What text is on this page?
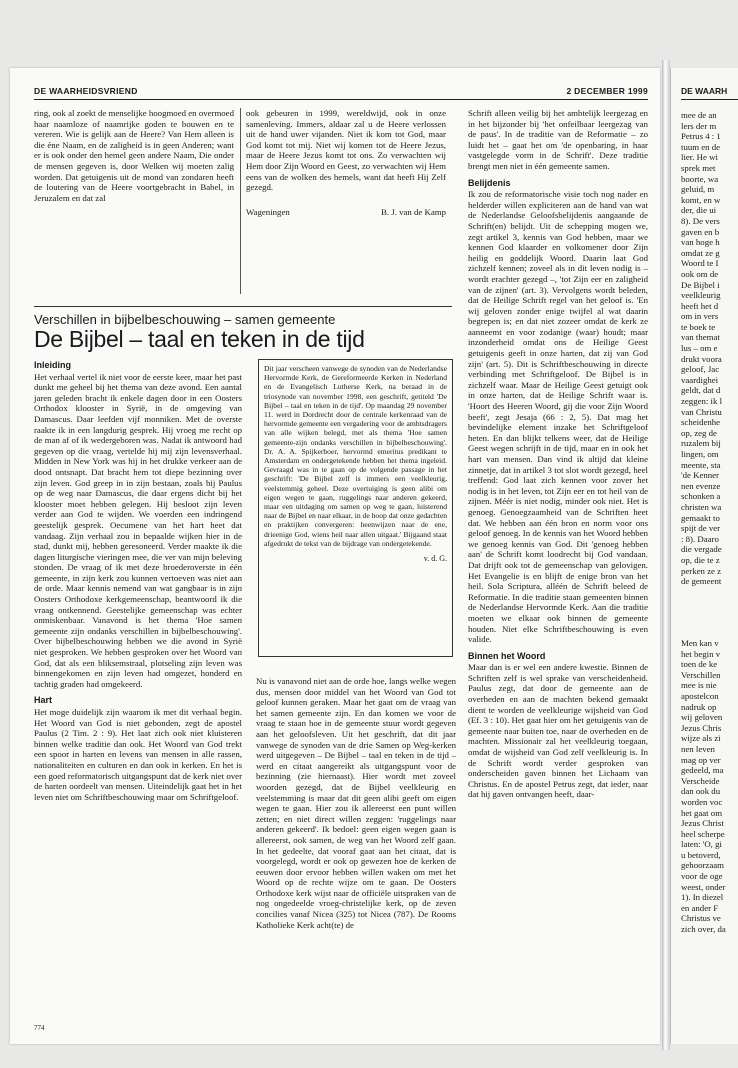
DE WAARHEIDSVRIEND	2 DECEMBER 1999

ring, ook al zoekt de menselijke hoogmoed en overmoed haar naamloze of naamrijke goden te bouwen en te vereren. Wie is gelijk aan de Heere? Van Hem alleen is die éne Naam, en de zaligheid is in geen Anderen; want er is ook onder den hemel geen andere Naam, Die onder de mensen gegeven is, door Welken wij moeten zalig worden. Dat getuigenis uit de mond van zondaren heeft de loutering van de Heere voortgebracht in Babel, in Jeruzalem en dat zal

ook gebeuren in 1999, wereldwijd, ook in onze samenleving. Immers, aldaar zal u de Heere verlossen uit de hand uwer vijanden. Niet ik kom tot God, maar God komt tot mij. Niet wij komen tot de Heere Jezus, maar de Heere Jezus komt tot ons. Zo verwachten wij Hem door Zijn Woord en Geest, zo verwachten wij Hem eens van de wolken des hemels, want dat heeft Hij Zelf gezegd.

Wageningen	B. J. van de Kamp
Verschillen in bijbelbeschouwing – samen gemeente
De Bijbel – taal en teken in de tijd
Inleiding

Het verhaal vertel ik niet voor de eerste keer, maar het past dunkt me geheel bij het thema van deze avond. Een aantal jaren geleden bracht ik enkele dagen door in een Oosters Orthodox klooster in Syrië, in de omgeving van Damascus. Daar leefden vijf monniken. Met de overste raakte ik in een langdurig gesprek. Hij vroeg me recht op de man af of ik wedergeboren was. Nadat ik antwoord had gegeven op die vraag, vertelde hij mij zijn levensverhaal. Midden in New York was hij in het drukke verkeer aan de dood ontsnapt. Dat bracht hem tot diepe bezinning over zijn leven. God greep in in zijn bestaan, zoals bij Paulus op de weg naar Damascus, die daar ergens dicht bij het klooster moet hebben gelegen. Hij besloot zijn leven verder aan God te wijden. We voerden een indringend geestelijk gesprek. Oecumene van het hart heet dat vandaag. Zijn verhaal zou in bepaalde wijken hier in de stad, dunkt mij, hebben geresoneerd. Verder maakte ik die dagen liturgische vieringen mee, die ver van mijn beleving stonden. De vraag of ik met deze broederoverste in één gemeente, in zijn kerk zou kunnen vertoeven was niet aan de orde. Maar kennis nemend van wat gangbaar is in zijn Oosters Orthodoxe kerkgemeenschap, beantwoord ik die vraag ontkennend. Geestelijke gemeenschap was echter onmiskenbaar. Vanavond is het thema 'Hoe samen gemeente zijn ondanks verschillen in bijbelbeschouwing'. Over bijbelbeschouwing hebben we die avond in Syrië niet gesproken. We hebben gesproken over het Woord van God, dat als een bliksemstraal, plotseling zijn leven was binnengekomen en zijn leven had omgezet, honderd en tachtig graden had omgekeerd.

Hart

Het moge duidelijk zijn waarom ik met dit verhaal begin. Het Woord van God is niet gebonden, zegt de apostel Paulus (2 Tim. 2 : 9). Het laat zich ook niet kluisteren binnen welke traditie dan ook. Het Woord van God trekt een spoor in harten en levens van mensen in alle rassen, nationaliteiten en culturen en dan ook in kerken. En het is een goed reformatorisch uitgangspunt dat de kerk niet over de harten oordeelt van mensen. Uiteindelijk gaat het in het leven niet om Schriftbeschouwing maar om Schriftgeloof.

Dit jaar verscheen vanwege de synoden van de Nederlandse Hervormde Kerk, de Gereformeerde Kerken in Nederland en de Evangelisch Lutherse Kerk, na beraad in de triosynode van november 1998, een geschrift, getiteld 'De Bijbel – taal en teken in de tijd'. Op maandag 29 november 11. werd in Dordrecht door de centrale kerkenraad van de hervormde gemeente een vergadering voor de ambtsdragers van alle wijken belegd, met als thema 'Hoe samen gemeente-zijn ondanks verschillen in bijbelbeschouwing'. Dr. A. A. Spijkerboer, hervormd emeritus predikant te Amsterdam en ondergetekende hebben het thema ingeleid. Gevraagd was in te gaan op de volgende passage in het geschrift: 'De Bijbel zelf is immers een veelkleurig, veelstemmig geheel. Deze overtuiging is geen alibi om eigen wegen te gaan, ruggelings naar anderen gekeerd, maar een uitdaging om samen op weg te gaan, luisterend naar de Bijbel en naar elkaar, in de hoop dat onze gedachten en praktijken convergeren: heenwijzen naar de ene, drieenige God, wiens heil naar allen uitgaat.' Bijgaand staat afgedrukt de tekst van de bijdrage van ondergetekende.

v. d. G.

Nu is vanavond niet aan de orde hoe, langs welke wegen dus, mensen door middel van het Woord van God tot geloof kunnen geraken. Maar het gaat om de vraag van het samen gemeente zijn. En dan komen we voor de vraag te staan hoe in de gemeente stuur wordt gegeven aan het geloofsleven. Uit het geschrift, dat dit jaar vanwege de synoden van de drie Samen op Weg-kerken werd uitgegeven – De Bijbel – taal en teken in de tijd – werd en citaat aangereikt als uitgangspunt voor de bezinning (zie hiernaast). Hier wordt met zoveel woorden gezegd, dat de Bijbel veelkleurig en veelstemming is maar dat dit geen alibi geeft om eigen wegen te gaan. Hier zou ik allereerst een punt willen zetten; en niet direct willen zeggen: 'ruggelings naar anderen gekeerd'. Ik bedoel: geen eigen wegen gaan is allereerst, ook samen, de weg van het Woord zelf gaan. In het gedeelte, dat vooraf gaat aan het citaat, dat is voorgelegd, wordt er ook op gewezen hoe de kerken de eeuwen door ervoor hebben willen waken om met het Woord op de rechte wijze om te gaan. De Oosters Orthodoxe kerk wijst naar de officiële uitspraken van de nog ongedeelde vroeg-christelijke kerk, op de zeven concilies vanaf Nicea (325) tot Nicea (787). De Rooms Katholieke Kerk acht(te) de

Schrift alleen veilig bij het ambtelijk leergezag en in het bijzonder bij 'het onfeilbaar leergezag van de paus'. In de traditie van de Reformatie – zo luidt het – gaat het om 'de openbaring, in haar vastgelegde vorm in de Schrift'. Deze traditie brengt men niet in één gemeente samen.

Belijdenis

Ik zou de reformatorische visie toch nog nader en helderder willen expliciteren aan de hand van wat de Nederlandse Geloofsbelijdenis aangaande de Schrift(en) belijdt. Uit de schepping mogen we, zegt artikel 3, kennis van God hebben, maar we kennen God klaarder en volkomener door Zijn heilig en goddelijk Woord. Daarin laat God zichzelf kennen; zoveel als in dit leven nodig is – wordt erachter gezegd –, 'tot Zijn eer en zaligheid van de zijnen' (art. 3). Vervolgens wordt beleden, dat de Heilige Schrift regel van het geloof is. 'En wij geloven zonder enige twijfel al wat daarin begrepen is; en dat niet zozeer omdat de kerk ze aanneemt en voor zodanige (waar) houdt; maar inzonderheid omdat ons de Heilige Geest getuigenis geeft in onze harten, dat zij van God zijn' (art. 5). Dit is Schriftbeschouwing in directe verbinding met Schriftgeloof. De Bijbel is in zichzelf waar. Maar de Heilige Geest getuigt ook in onze harten, dat de Heilige Schrift waar is. 'Hoort des Heeren Woord, gij die voor Zijn Woord beeft', zegt Jesaja (66 : 2, 5). Dat mag het bevindelijke element inzake het Schriftgeloof heten. En dan blijkt telkens weer, dat de Heilige Geest wegen schrijft in de tijd, maar en in ook het hart van mensen. Dan vind ik altijd dat kleine zinnetje, dat in artikel 3 tot slot wordt gezegd, heel treffend: God laat zich kennen voor zover het nodig is in het leven, tot Zijn eer en tot heil van de zijnen. Méér is niet nodig, minder ook niet. Het is genoeg. Genoegzaamheid van de Schriften heet dat. We hebben aan één bron en norm voor ons geloof genoeg. In de kennis van het Woord hebben we genoeg kennis van God. Dit 'genoeg hebben aan' de Schrift komt loodrecht bij God vandaan. Dat drijft ook tot de gemeenschap van gelovigen. Het Evangelie is en blijft de enige bron van het heil. Sola Scriptura, alléén de Schrift beleed de Reformatie. In die traditie staan gemeenten binnen de Nederlandse Hervormde Kerk. Aan die traditie moeten we elkaar ook binnen de gemeente houden. Niet elke Schriftbeschouwing is even valide.

Binnen het Woord

Maar dan is er wel een andere kwestie. Binnen de Schriften zelf is wel sprake van verscheidenheid. Paulus zegt, dat door de gemeente aan de overheden en aan de machten bekend gemaakt dient te worden de veelkleurige wijsheid van God (Ef. 3 : 10). Het gaat hier om het getuigenis van de gemeente naar buiten toe, naar de overheden en de machten. Missionair zal het veelkleurig toegaan, omdat de wijsheid van God zelf veelkleurig is. In de Schrift wordt verder gesproken van onderscheiden gaven binnen het Lichaam van Christus. En de apostel Petrus zegt, dat ieder, naar dat hij gaven ontvangen heeft, daar-

774
DE WAARH
mee de an
lers der m
Petrus 4 : 1
tuum en de
lier. He wi
sprek met
boorte, wa
geluid, m
komt, en w
der, die ui
8). De vers
gaven en b
van hoge h
omdat ze g
Woord te I
ook om de
De Bijbel i
veelkleurig
heeft het d
om in vers
te boek te
van themat
lus – om e
drukt voora
geloof, Jac
vaardighei
geldt, dat d
zeggen: ik l
van Christu
scheidenhe
op, zeg de
ruzalem bij
lingen, om
meente, sta
'de Kenner
nen evenze
schonken a
christen wa
gemaakt to
spijt de ver
: 8). Daaro
die vergade
op, die te z
perken ze z
de gemeent
Men kan v
het begin v
toen de ke
Verschillen
mee is nie
apostelcon
nadruk op
wij geloven
Jezus Chris
wijze als zi
nen leven
mag op ver
gedeeld, ma
Verscheide
dan ook du
worden voc
het gaat om
Jezus Christ
heel scherpe
laten: 'O, gi
u betoverd,
gehoorzaam
voor de oge
weest, onder
1). In diezel
en ander F
Christus ve
zich over, da
